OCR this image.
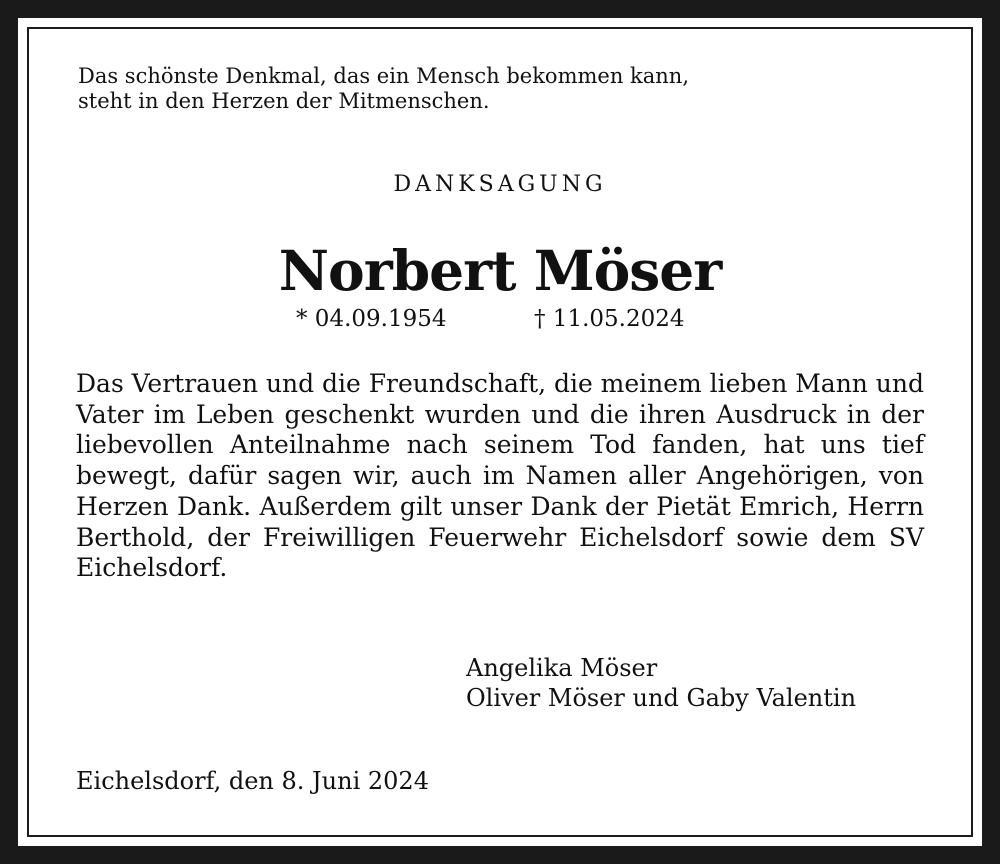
Das schönste Denkmal, das ein Mensch bekommen kann,
steht in den Herzen der Mitmenschen.
DANKSAGUNG
Norbert Möser
* 04.09.1954	† 11.05.2024
Das Vertrauen und die Freundschaft, die meinem lieben Mann und Vater im Leben geschenkt wurden und die ihren Ausdruck in der liebevollen Anteilnahme nach seinem Tod fanden, hat uns tief bewegt, dafür sagen wir, auch im Namen aller Angehörigen, von Herzen Dank. Außerdem gilt unser Dank der Pietät Emrich, Herrn Berthold, der Freiwilligen Feuerwehr Eichelsdorf sowie dem SV Eichelsdorf.
Angelika Möser
Oliver Möser und Gaby Valentin
Eichelsdorf, den 8. Juni 2024
